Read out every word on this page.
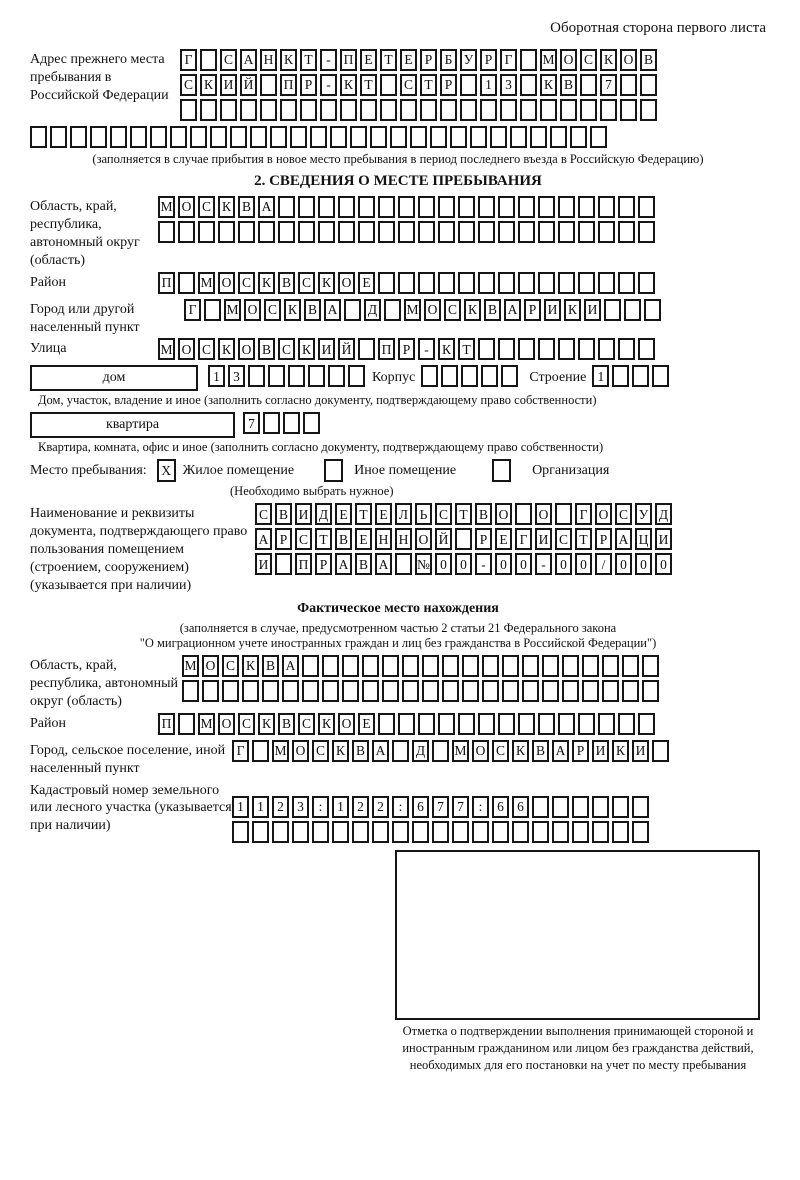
Оборотная сторона первого листа
Адрес прежнего места пребывания в Российской Федерации
Г	С А Н К Т	- П Е Т Е Р Б У Р Г	М О С К О В
С К И Й П Р	- К Т	С Т Р	1 3	К В	7
(заполняется в случае прибытия в новое место пребывания в период последнего въезда в Российскую Федерацию)
2. СВЕДЕНИЯ О МЕСТЕ ПРЕБЫВАНИЯ
Область, край, республика, автономный округ (область)
М О С К В А
Район	П М О С К В С К О Е
Город или другой населенный пункт
Г	М О С К В А Д М О С К В А Р И К И
Улица	М О С К О В С К И Й П Р	- К Т
дом	1 3	Корпус	Строение 1
Дом, участок, владение и иное (заполнить согласно документу, подтверждающему право собственности)
квартира	7
Квартира, комната, офис и иное (заполнить согласно документу, подтверждающему право собственности)
Место пребывания:	X Жилое помещение	Иное помещение	Организация
(Необходимо выбрать нужное)
Наименование и реквизиты документа, подтверждающего право пользования помещением (строением, сооружением) (указывается при наличии)
С В И Д Е Т Е Л Ь С Т В О О	Г О С У Д
А Р С Т В Е Н Н О Й	Р Е Г И С Т Р А Ц И
И П Р А В А № 0 0	-	0 0	-	0 0	/	0 0 0
Фактическое место нахождения
(заполняется в случае, предусмотренном частью 2 статьи 21 Федерального закона
"О миграционном учете иностранных граждан и лиц без гражданства в Российской Федерации")
Область, край, республика, автономный округ (область)
М О С К В А
Район	П М О С К В С К О Е
Город, сельское поселение, иной населенный пункт
Г	М О С К В А Д М О С К В А Р И К И
Кадастровый номер земельного или лесного участка (указывается при наличии)
1 1 2 3	:	1 2 2	:	6 7 7	:	6 6
Отметка о подтверждении выполнения принимающей стороной и иностранным гражданином или лицом без гражданства действий, необходимых для его постановки на учет по месту пребывания
